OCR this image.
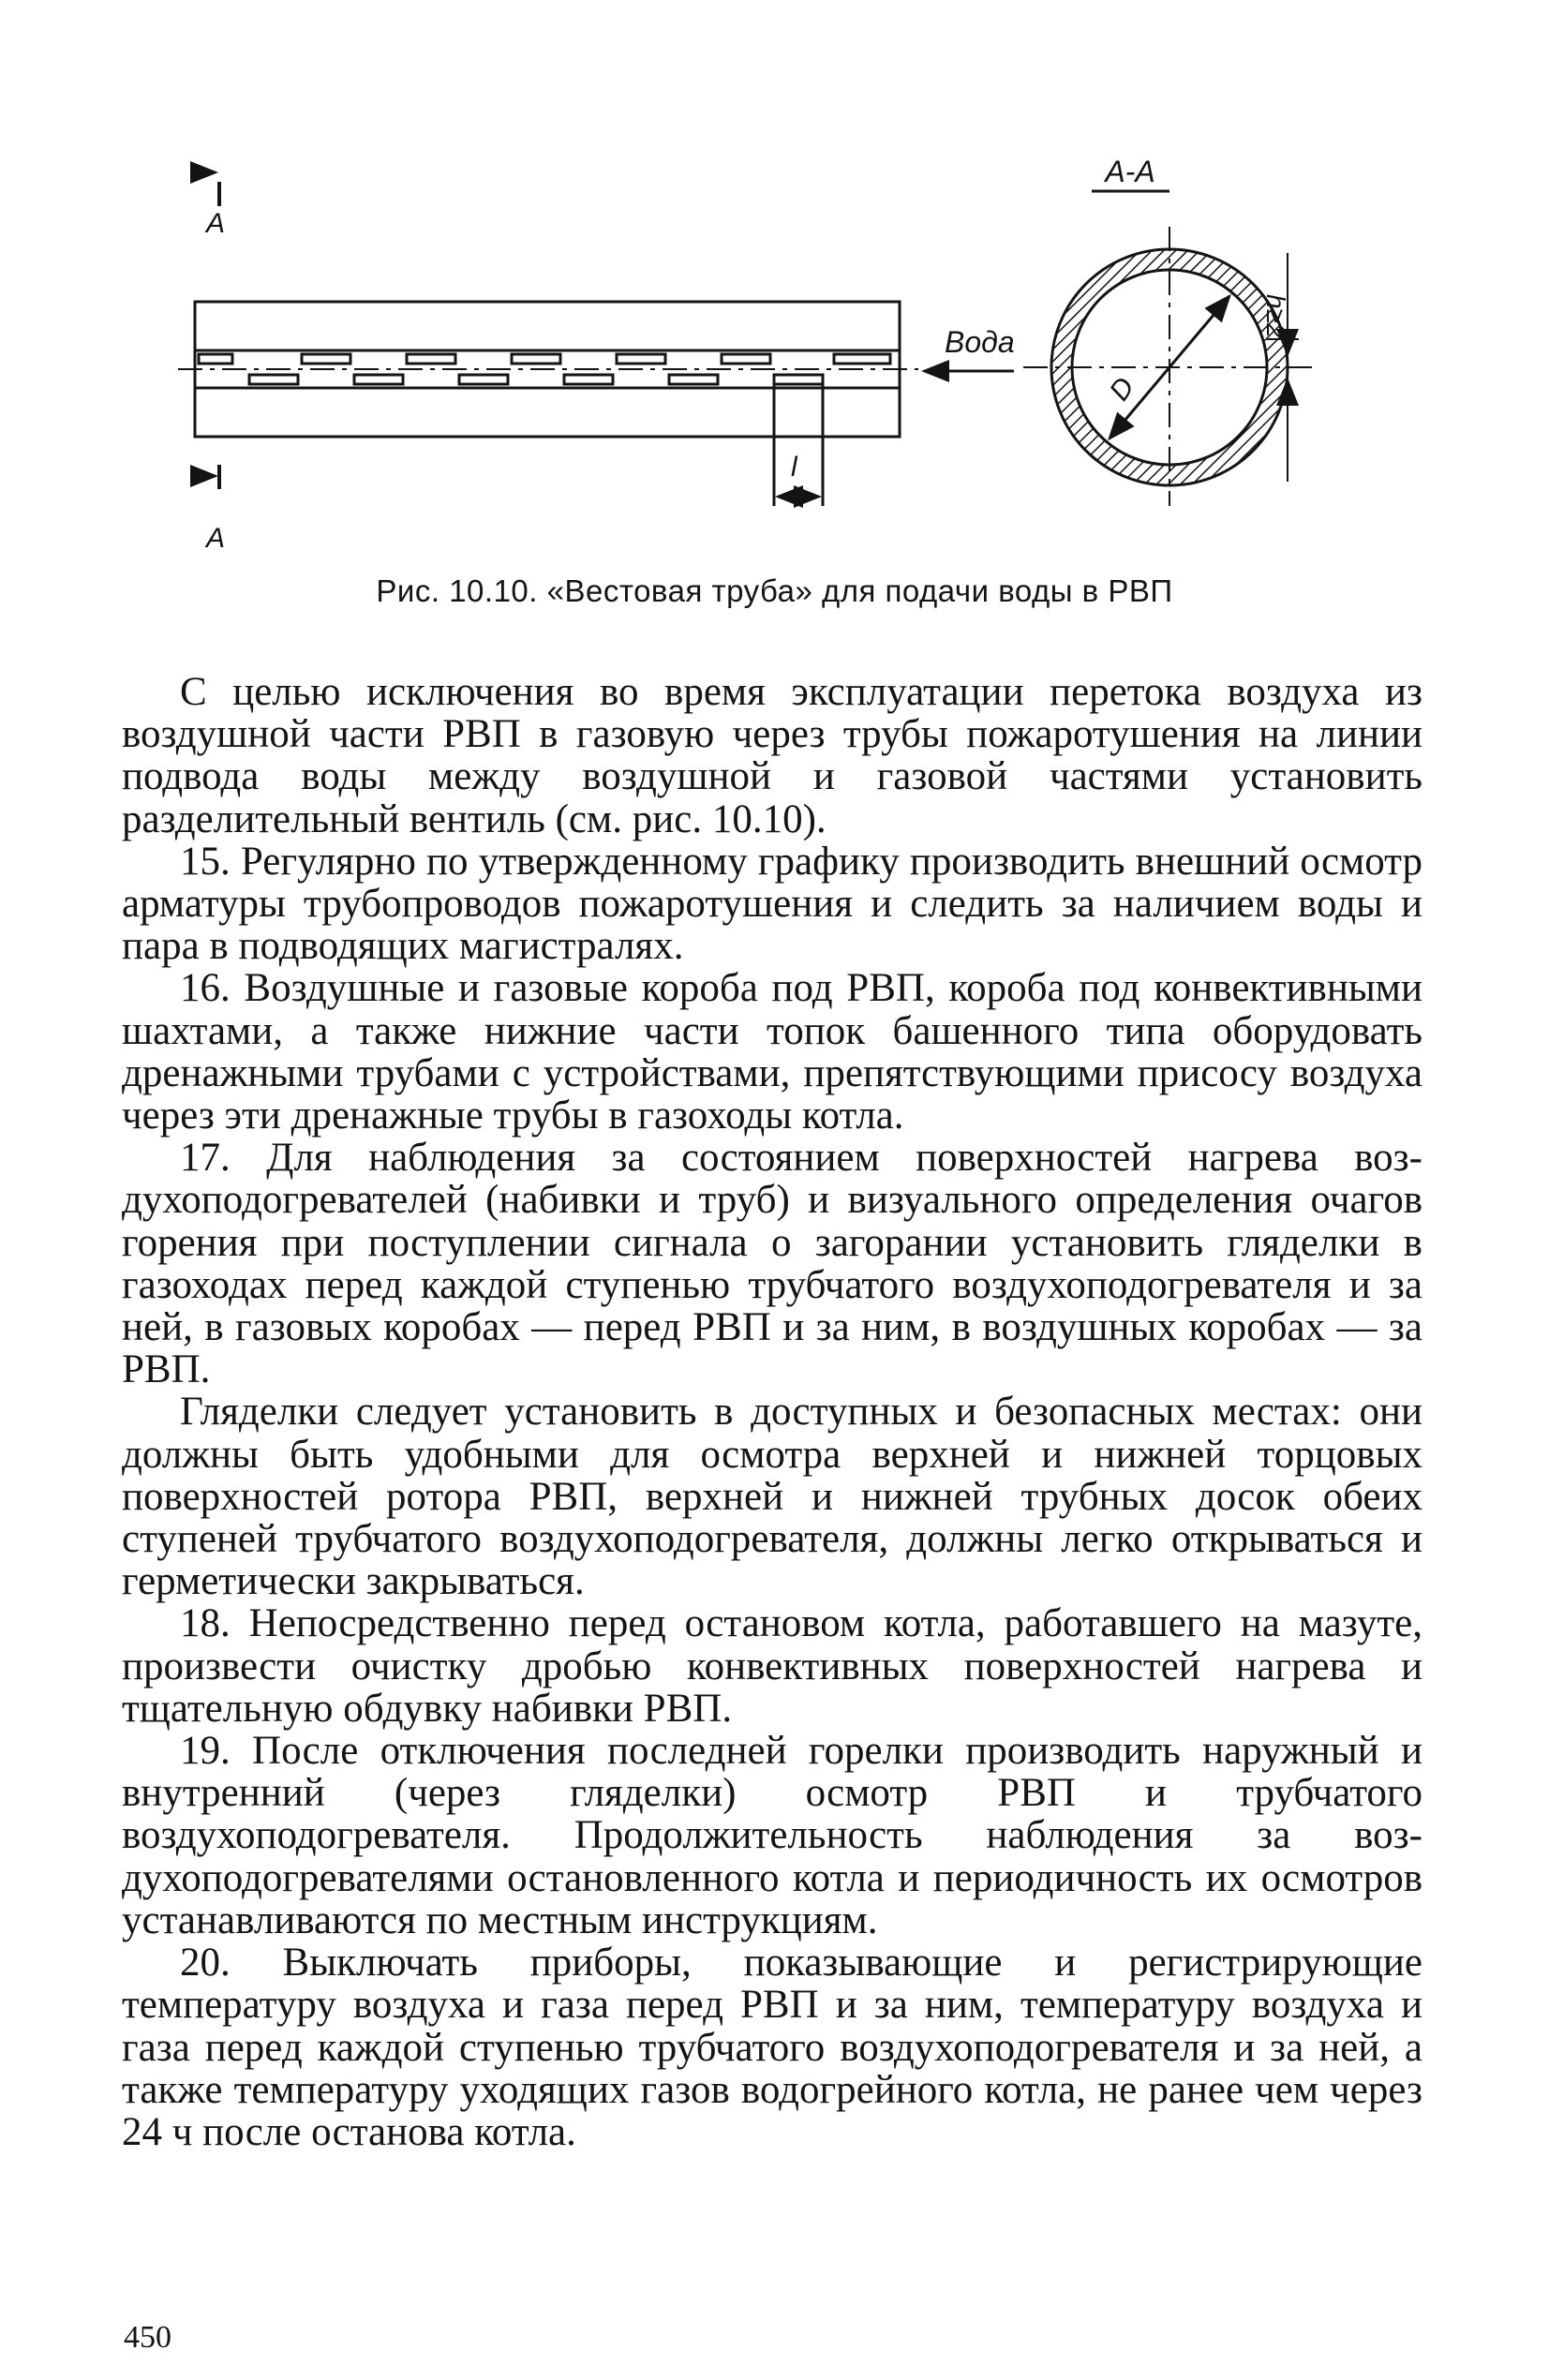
А
А
l
Вода
А-А
D
h≥2
Рис. 10.10. «Вестовая труба» для подачи воды в РВП

С целью исключения во время эксплуатации перетока воздуха из воздушной части РВП в газовую через трубы пожаротушения на линии подвода воды между воздушной и газовой частями установить разделительный вентиль (см. рис. 10.10).

15. Регулярно по утвержденному графику производить внешний осмотр арматуры трубопроводов пожаротушения и следить за наличием воды и пара в подводящих магистралях.

16. Воздушные и газовые короба под РВП, короба под конвективными шахтами, а также нижние части топок башенного типа оборудовать дренажными трубами с устройствами, препятствующими присосу воздуха через эти дренажные трубы в газоходы котла.

17. Для наблюдения за состоянием поверхностей нагрева воздухоподогревателей (набивки и труб) и визуального определения очагов горения при поступлении сигнала о загорании установить гляделки в газоходах перед каждой ступенью трубчатого воздухоподогревателя и за ней, в газовых коробах — перед РВП и за ним, в воздушных коробах — за РВП.

Гляделки следует установить в доступных и безопасных местах: они должны быть удобными для осмотра верхней и нижней торцовых поверхностей ротора РВП, верхней и нижней трубных досок обеих ступеней трубчатого воздухоподогревателя, должны легко открываться и герметически закрываться.

18. Непосредственно перед остановом котла, работавшего на мазуте, произвести очистку дробью конвективных поверхностей нагрева и тщательную обдувку набивки РВП.

19. После отключения последней горелки производить наружный и внутренний (через гляделки) осмотр РВП и трубчатого воздухоподогревателя. Продолжительность наблюдения за воздухоподогревателями остановленного котла и периодичность их осмотров устанавливаются по местным инструкциям.

20. Выключать приборы, показывающие и регистрирующие температуру воздуха и газа перед РВП и за ним, температуру воздуха и газа перед каждой ступенью трубчатого воздухоподогревателя и за ней, а также температуру уходящих газов водогрейного котла, не ранее чем через 24 ч после останова котла.

450
